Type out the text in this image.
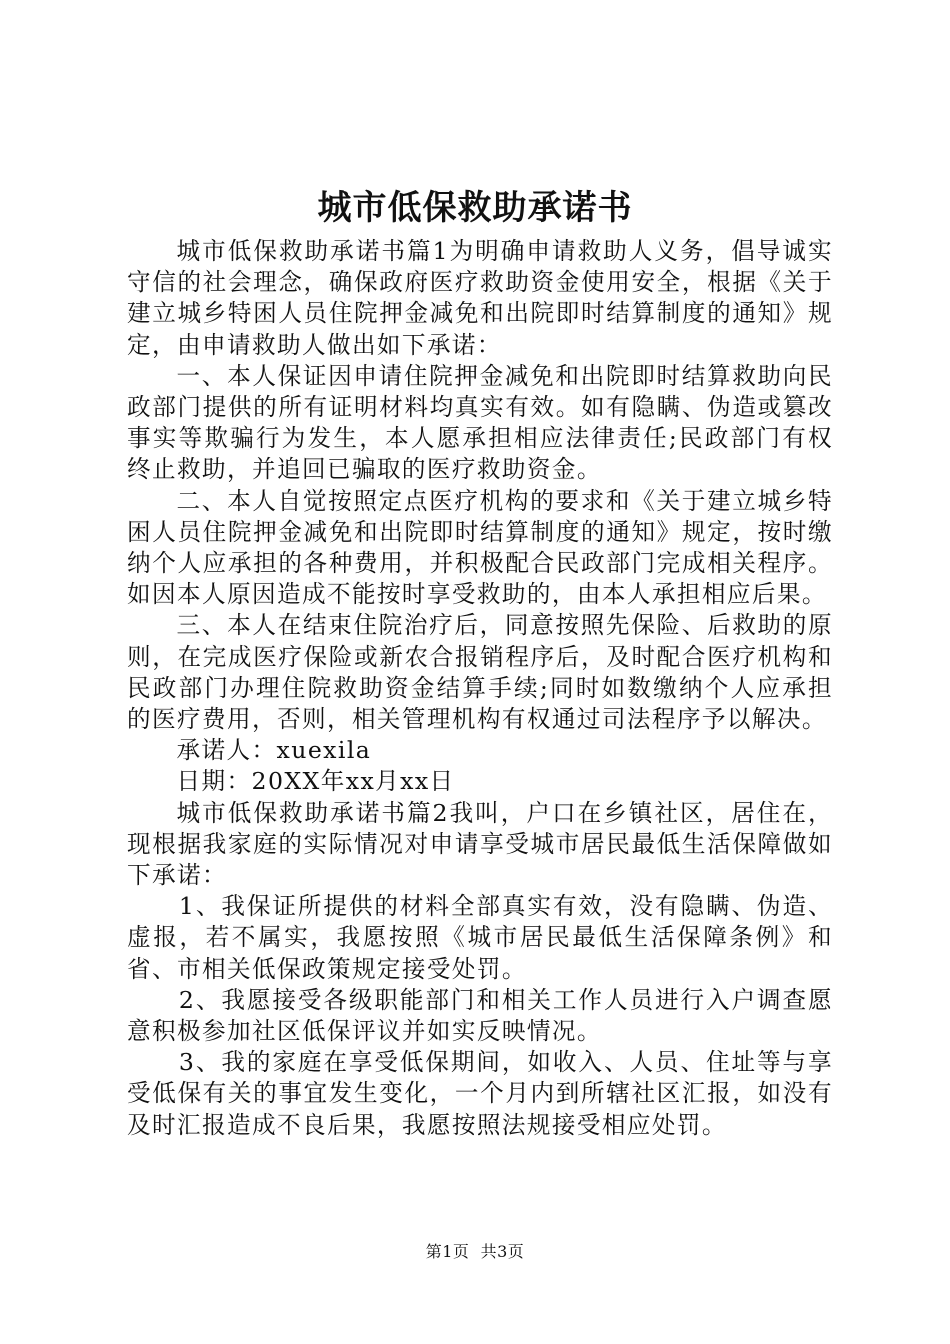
城市低保救助承诺书

城市低保救助承诺书篇1为明确申请救助人义务，倡导诚实守信的社会理念，确保政府医疗救助资金使用安全，根据《关于建立城乡特困人员住院押金减免和出院即时结算制度的通知》规定，由申请救助人做出如下承诺：

一、本人保证因申请住院押金减免和出院即时结算救助向民政部门提供的所有证明材料均真实有效。如有隐瞒、伪造或篡改事实等欺骗行为发生，本人愿承担相应法律责任;民政部门有权终止救助，并追回已骗取的医疗救助资金。

二、本人自觉按照定点医疗机构的要求和《关于建立城乡特困人员住院押金减免和出院即时结算制度的通知》规定，按时缴纳个人应承担的各种费用，并积极配合民政部门完成相关程序。如因本人原因造成不能按时享受救助的，由本人承担相应后果。

三、本人在结束住院治疗后，同意按照先保险、后救助的原则，在完成医疗保险或新农合报销程序后，及时配合医疗机构和民政部门办理住院救助资金结算手续;同时如数缴纳个人应承担的医疗费用，否则，相关管理机构有权通过司法程序予以解决。

承诺人：xuexila

日期：20XX年xx月xx日

城市低保救助承诺书篇2我叫，户口在乡镇社区，居住在，现根据我家庭的实际情况对申请享受城市居民最低生活保障做如下承诺：

1、我保证所提供的材料全部真实有效，没有隐瞒、伪造、虚报，若不属实，我愿按照《城市居民最低生活保障条例》和省、市相关低保政策规定接受处罚。

2、我愿接受各级职能部门和相关工作人员进行入户调查愿意积极参加社区低保评议并如实反映情况。

3、我的家庭在享受低保期间，如收入、人员、住址等与享受低保有关的事宜发生变化，一个月内到所辖社区汇报，如没有及时汇报造成不良后果，我愿按照法规接受相应处罚。

第1页  共3页
